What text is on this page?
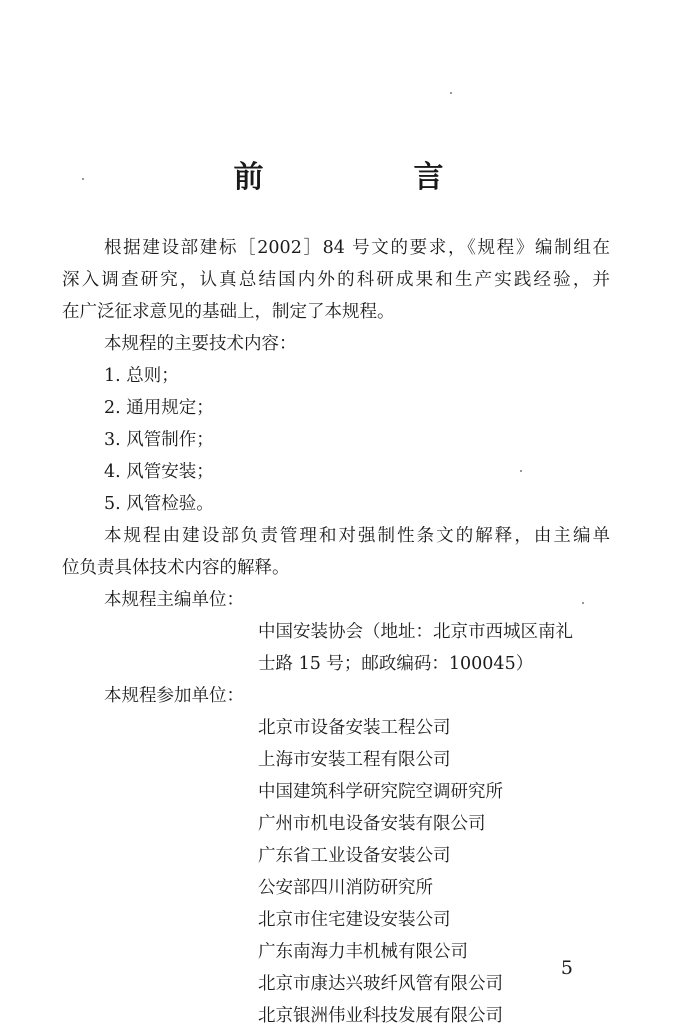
前　言
根据建设部建标［2002］84 号文的要求，《规程》编制组在
深入调查研究，认真总结国内外的科研成果和生产实践经验，并
在广泛征求意见的基础上，制定了本规程。
本规程的主要技术内容：
1. 总则；
2. 通用规定；
3. 风管制作；
4. 风管安装；
5. 风管检验。
本规程由建设部负责管理和对强制性条文的解释，由主编单
位负责具体技术内容的解释。
本规程主编单位：
中国安装协会（地址：北京市西城区南礼
士路 15 号；邮政编码：100045）
本规程参加单位：
北京市设备安装工程公司
上海市安装工程有限公司
中国建筑科学研究院空调研究所
广州市机电设备安装有限公司
广东省工业设备安装公司
公安部四川消防研究所
北京市住宅建设安装公司
广东南海力丰机械有限公司
北京市康达兴玻纤风管有限公司
北京银洲伟业科技发展有限公司
5
